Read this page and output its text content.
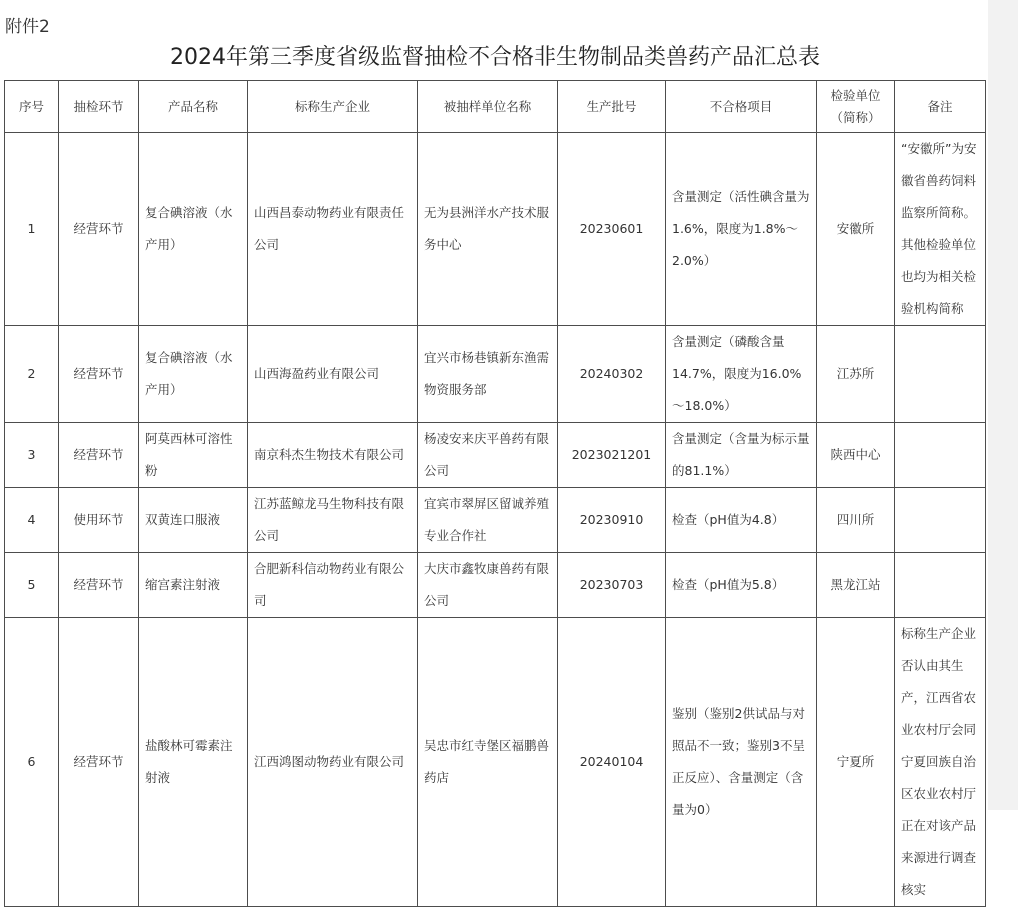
附件2
2024年第三季度省级监督抽检不合格非生物制品类兽药产品汇总表
序号	抽检环节	产品名称	标称生产企业	被抽样单位名称	生产批号	不合格项目	检验单位（简称）	备注
1	经营环节	复合碘溶液（水产用）	山西昌泰动物药业有限责任公司	无为县洲洋水产技术服务中心	20230601	含量测定（活性碘含量为1.6%，限度为1.8%～2.0%）	安徽所	“安徽所”为安徽省兽药饲料监察所简称。其他检验单位也均为相关检验机构简称
2	经营环节	复合碘溶液（水产用）	山西海盈药业有限公司	宜兴市杨巷镇新东渔需物资服务部	20240302	含量测定（磷酸含量14.7%，限度为16.0%～18.0%）	江苏所	
3	经营环节	阿莫西林可溶性粉	南京科杰生物技术有限公司	杨凌安来庆平兽药有限公司	2023021201	含量测定（含量为标示量的81.1%）	陕西中心	
4	使用环节	双黄连口服液	江苏蓝鲸龙马生物科技有限公司	宜宾市翠屏区留诚养殖专业合作社	20230910	检查（pH值为4.8）	四川所	
5	经营环节	缩宫素注射液	合肥新科信动物药业有限公司	大庆市鑫牧康兽药有限公司	20230703	检查（pH值为5.8）	黑龙江站	
6	经营环节	盐酸林可霉素注射液	江西鸿图动物药业有限公司	吴忠市红寺堡区福鹏兽药店	20240104	鉴别（鉴别2供试品与对照品不一致；鉴别3不呈正反应）、含量测定（含量为0）	宁夏所	标称生产企业否认由其生产，江西省农业农村厅会同宁夏回族自治区农业农村厅正在对该产品来源进行调查核实
